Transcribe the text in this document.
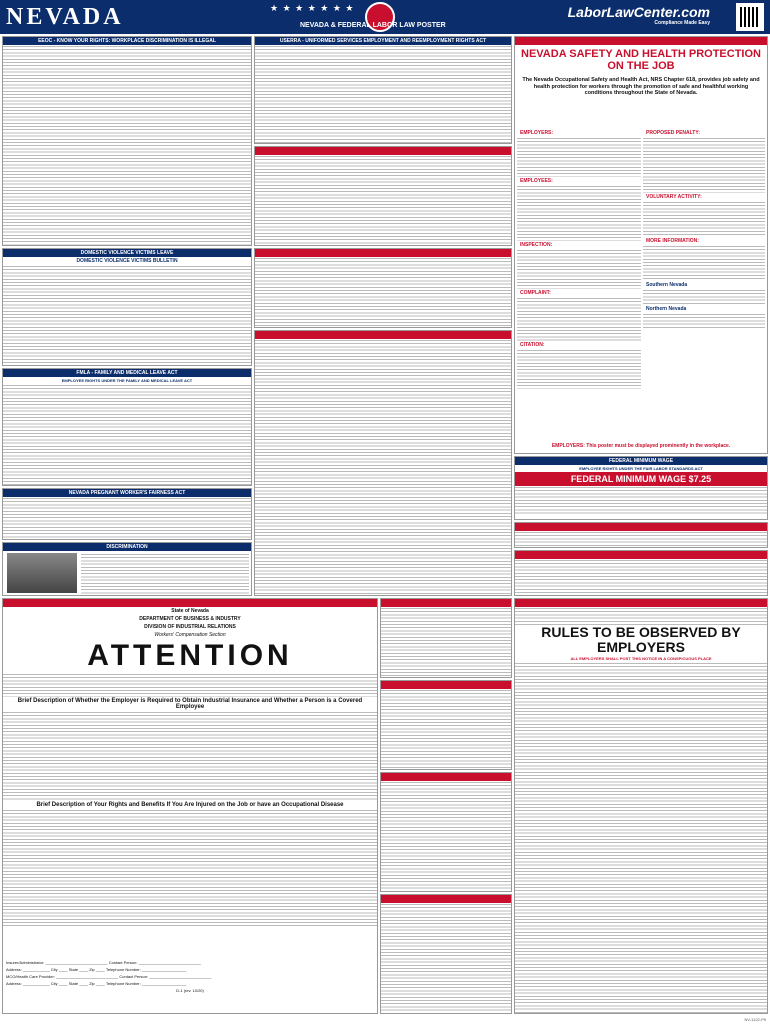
NEVADA	★ ★ ★ ★ ★ ★ ★
NEVADA & FEDERAL LABOR LAW POSTER
LaborLawCenter.com
Compliance Made Easy
EEOC - KNOW YOUR RIGHTS: WORKPLACE DISCRIMINATION IS ILLEGAL
DOMESTIC VIOLENCE VICTIMS LEAVE
DOMESTIC VIOLENCE VICTIMS BULLETIN
FMLA - FAMILY AND MEDICAL LEAVE ACT
EMPLOYEE RIGHTS UNDER THE FAMILY AND MEDICAL LEAVE ACT
NEVADA PREGNANT WORKER'S FAIRNESS ACT
DISCRIMINATION
USERRA - UNIFORMED SERVICES EMPLOYMENT AND REEMPLOYMENT RIGHTS ACT
EMPLOYEE POLYGRAPH PROTECTION ACT
NURSING MOTHER'S ACCOMMODATION ACT
EMPLOYEE LEAVE & CAREER EXPANSION PROGRAM
OCCUPATIONAL SAFETY AND HEALTH PROTECTION
NEVADA SAFETY AND HEALTH PROTECTION ON THE JOB
The Nevada Occupational Safety and Health Act, NRS Chapter 618, provides job safety and health protection for workers through the promotion of safe and healthful working conditions throughout the State of Nevada.
EMPLOYERS:
EMPLOYEES:
INSPECTION:
COMPLAINT:
CITATION:
PROPOSED PENALTY:
VOLUNTARY ACTIVITY:
MORE INFORMATION:
Southern Nevada
Northern Nevada
EMPLOYERS: This poster must be displayed prominently in the workplace.
FEDERAL MINIMUM WAGE
EMPLOYEE RIGHTS UNDER THE FAIR LABOR STANDARDS ACT
FEDERAL MINIMUM WAGE $7.25
EMERGENCY PHONE NUMBERS
PAID LEAVE
WORKERS' COMPENSATION
State of Nevada
DEPARTMENT OF BUSINESS & INDUSTRY
DIVISION OF INDUSTRIAL RELATIONS
Workers' Compensation Section
ATTENTION
Brief Description of Whether the Employer is Required to Obtain Industrial Insurance and Whether a Person is a Covered Employee
Brief Description of Your Rights and Benefits If You Are Injured on the Job or have an Occupational Disease
Insurer/Administrator: ____________________________ Contact Person: ____________________________
Address: ____________ City ____ State ____ Zip ____ Telephone Number: ____________________
MCO/Health Care Provider: ____________________________ Contact Person: ____________________________
Address: ____________ City ____ State ____ Zip ____ Telephone Number: ____________________
D-1 (rev. 10/20)
NOTICE
NV SMOKING POLICY
MINIMUM WAGE
DAILY OVERTIME
RULES TO BE OBSERVED BY EMPLOYERS
RULES TO BE OBSERVED BY EMPLOYERS
ALL EMPLOYERS SHALL POST THIS NOTICE IN A CONSPICUOUS PLACE
NV-1122-P9
